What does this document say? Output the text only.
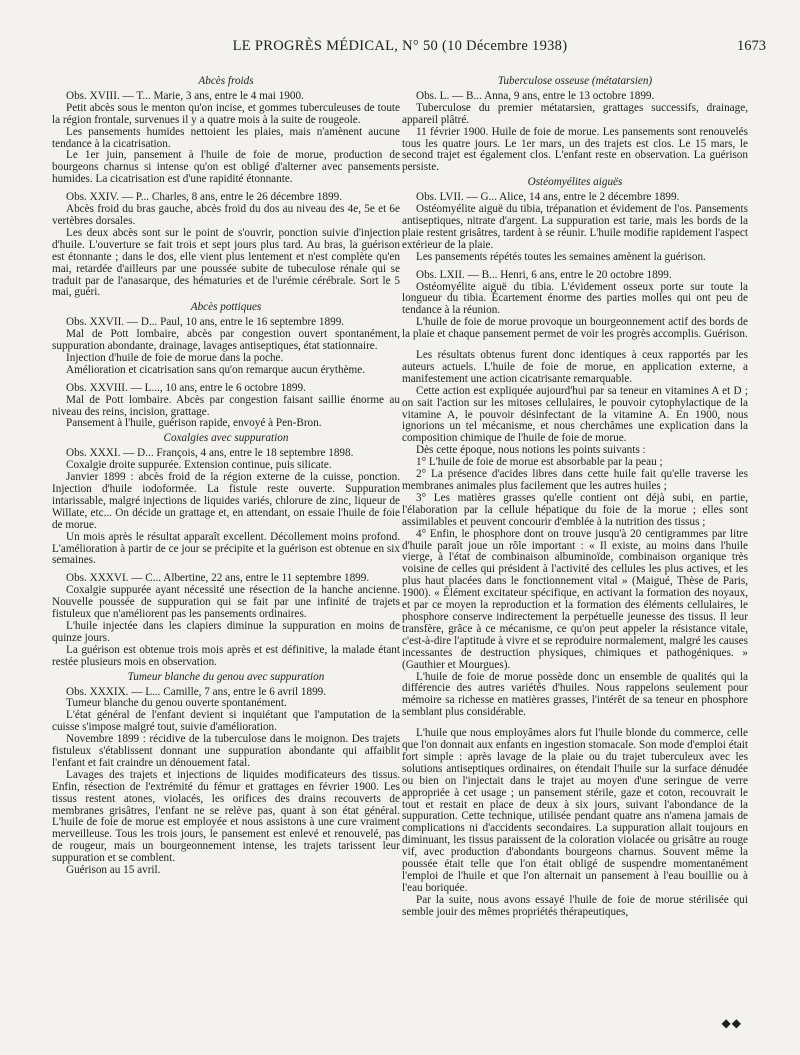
LE PROGRÈS MÉDICAL, N° 50 (10 Décembre 1938)	1673
Abcès froids
Obs. XVIII. — T... Marie, 3 ans, entre le 4 mai 1900.
Petit abcès sous le menton qu'on incise, et gommes tuberculeuses de toute la région frontale, survenues il y a quatre mois à la suite de rougeole.
Les pansements humides nettoient les plaies, mais n'amènent aucune tendance à la cicatrisation.
Le 1er juin, pansement à l'huile de foie de morue, production de bourgeons charnus si intense qu'on est obligé d'alterner avec pansements humides. La cicatrisation est d'une rapidité étonnante.
Obs. XXIV. — P... Charles, 8 ans, entre le 26 décembre 1899.
Abcès froid du bras gauche, abcès froid du dos au niveau des 4e, 5e et 6e vertèbres dorsales.
Les deux abcès sont sur le point de s'ouvrir, ponction suivie d'injection d'huile. L'ouverture se fait trois et sept jours plus tard. Au bras, la guérison est étonnante ; dans le dos, elle vient plus lentement et n'est complète qu'en mai, retardée d'ailleurs par une poussée subite de tubeculose rénale qui se traduit par de l'anasarque, des hématuries et de l'urémie cérébrale. Sort le 5 mai, guéri.
Abcès pottiques
Obs. XXVII. — D... Paul, 10 ans, entre le 16 septembre 1899.
Mal de Pott lombaire, abcès par congestion ouvert spontanément, suppuration abondante, drainage, lavages antiseptiques, état stationnaire.
Injection d'huile de foie de morue dans la poche.
Amélioration et cicatrisation sans qu'on remarque aucun érythème.
Obs. XXVIII. — L..., 10 ans, entre le 6 octobre 1899.
Mal de Pott lombaire. Abcès par congestion faisant saillie énorme au niveau des reins, incision, grattage.
Pansement à l'huile, guérison rapide, envoyé à Pen-Bron.
Coxalgies avec suppuration
Obs. XXXI. — D... François, 4 ans, entre le 18 septembre 1898.
Coxalgie droite suppurée. Extension continue, puis silicate.
Janvier 1899 : abcès froid de la région externe de la cuisse, ponction. Injection d'huile iodoformée. La fistule reste ouverte. Suppuration intarissable, malgré injections de liquides variés, chlorure de zinc, liqueur de Willate, etc... On décide un grattage et, en attendant, on essaie l'huile de foie de morue.
Un mois après le résultat apparaît excellent. Décollement moins profond. L'amélioration à partir de ce jour se précipite et la guérison est obtenue en six semaines.
Obs. XXXVI. — C... Albertine, 22 ans, entre le 11 septembre 1899.
Coxalgie suppurée ayant nécessité une résection de la hanche ancienne. Nouvelle poussée de suppuration qui se fait par une infinité de trajets fistuleux que n'améliorent pas les pansements ordinaires.
L'huile injectée dans les clapiers diminue la suppuration en moins de quinze jours.
La guérison est obtenue trois mois après et est définitive, la malade étant restée plusieurs mois en observation.
Tumeur blanche du genou avec suppuration
Obs. XXXIX. — L... Camille, 7 ans, entre le 6 avril 1899.
Tumeur blanche du genou ouverte spontanément.
L'état général de l'enfant devient si inquiétant que l'amputation de la cuisse s'impose malgré tout, suivie d'amélioration.
Novembre 1899 : récidive de la tuberculose dans le moignon. Des trajets fistuleux s'établissent donnant une suppuration abondante qui affaiblit l'enfant et fait craindre un dénouement fatal.
Lavages des trajets et injections de liquides modificateurs des tissus. Enfin, résection de l'extrémité du fémur et grattages en février 1900. Les tissus restent atones, violacés, les orifices des drains recouverts de membranes grisâtres, l'enfant ne se relève pas, quant à son état général. L'huile de foie de morue est employée et nous assistons à une cure vraiment merveilleuse. Tous les trois jours, le pansement est enlevé et renouvelé, pas de rougeur, mais un bourgeonnement intense, les trajets tarissent leur suppuration et se comblent.
Guérison au 15 avril.
Tuberculose osseuse (métatarsien)
Obs. L. — B... Anna, 9 ans, entre le 13 octobre 1899.
Tuberculose du premier métatarsien, grattages successifs, drainage, appareil plâtré.
11 février 1900. Huile de foie de morue. Les pansements sont renouvelés tous les quatre jours. Le 1er mars, un des trajets est clos. Le 15 mars, le second trajet est également clos. L'enfant reste en observation. La guérison persiste.
Ostéomyélites aiguës
Obs. LVII. — G... Alice, 14 ans, entre le 2 décembre 1899.
Ostéomyélite aiguë du tibia, trépanation et évidement de l'os. Pansements antiseptiques, nitrate d'argent. La suppuration est tarie, mais les bords de la plaie restent grisâtres, tardent à se réunir. L'huile modifie rapidement l'aspect extérieur de la plaie.
Les pansements répétés toutes les semaines amènent la guérison.
Obs. LXII. — B... Henri, 6 ans, entre le 20 octobre 1899.
Ostéomyélite aiguë du tibia. L'évidement osseux porte sur toute la longueur du tibia. Écartement énorme des parties molles qui ont peu de tendance à la réunion.
L'huile de foie de morue provoque un bourgeonnement actif des bords de la plaie et chaque pansement permet de voir les progrès accomplis. Guérison.
Les résultats obtenus furent donc identiques à ceux rapportés par les auteurs actuels. L'huile de foie de morue, en application externe, a manifestement une action cicatrisante remarquable.
Cette action est expliquée aujourd'hui par sa teneur en vitamines A et D ; on sait l'action sur les mitoses cellulaires, le pouvoir cytophylactique de la vitamine A, le pouvoir désinfectant de la vitamine A. En 1900, nous ignorions un tel mécanisme, et nous cherchâmes une explication dans la composition chimique de l'huile de foie de morue.
Dès cette époque, nous notions les points suivants :
1° L'huile de foie de morue est absorbable par la peau ;
2° La présence d'acides libres dans cette huile fait qu'elle traverse les membranes animales plus facilement que les autres huiles ;
3° Les matières grasses qu'elle contient ont déjà subi, en partie, l'élaboration par la cellule hépatique du foie de la morue ; elles sont assimilables et peuvent concourir d'emblée à la nutrition des tissus ;
4° Enfin, le phosphore dont on trouve jusqu'à 20 centigrammes par litre d'huile paraît joue un rôle important : « Il existe, au moins dans l'huile vierge, à l'état de combinaison albuminoïde, combinaison organique très voisine de celles qui président à l'activité des cellules les plus actives, et les plus haut placées dans le fonctionnement vital » (Maigué, Thèse de Paris, 1900). « Élément excitateur spécifique, en activant la formation des noyaux, et par ce moyen la reproduction et la formation des éléments cellulaires, le phosphore conserve indirectement la perpétuelle jeunesse des tissus. Il leur transfère, grâce à ce mécanisme, ce qu'on peut appeler la résistance vitale, c'est-à-dire l'aptitude à vivre et se reproduire normalement, malgré les causes incessantes de destruction physiques, chimiques et pathogéniques. » (Gauthier et Mourgues).
L'huile de foie de morue possède donc un ensemble de qualités qui la différencie des autres variétés d'huiles. Nous rappelons seulement pour mémoire sa richesse en matières grasses, l'intérêt de sa teneur en phosphore semblant plus considérable.
L'huile que nous employâmes alors fut l'huile blonde du commerce, celle que l'on donnait aux enfants en ingestion stomacale. Son mode d'emploi était fort simple : après lavage de la plaie ou du trajet tuberculeux avec les solutions antiseptiques ordinaires, on étendait l'huile sur la surface dénudée ou bien on l'injectait dans le trajet au moyen d'une seringue de verre appropriée à cet usage ; un pansement stérile, gaze et coton, recouvrait le tout et restait en place de deux à six jours, suivant l'abondance de la suppuration. Cette technique, utilisée pendant quatre ans n'amena jamais de complications ni d'accidents secondaires. La suppuration allait toujours en diminuant, les tissus paraissent de la coloration violacée ou grisâtre au rouge vif, avec production d'abondants bourgeons charnus. Souvent même la poussée était telle que l'on était obligé de suspendre momentanément l'emploi de l'huile et que l'on alternait un pansement à l'eau bouillie ou à l'eau boriquée.
Par la suite, nous avons essayé l'huile de foie de morue stérilisée qui semble jouir des mêmes propriétés thérapeutiques,
◆◆
